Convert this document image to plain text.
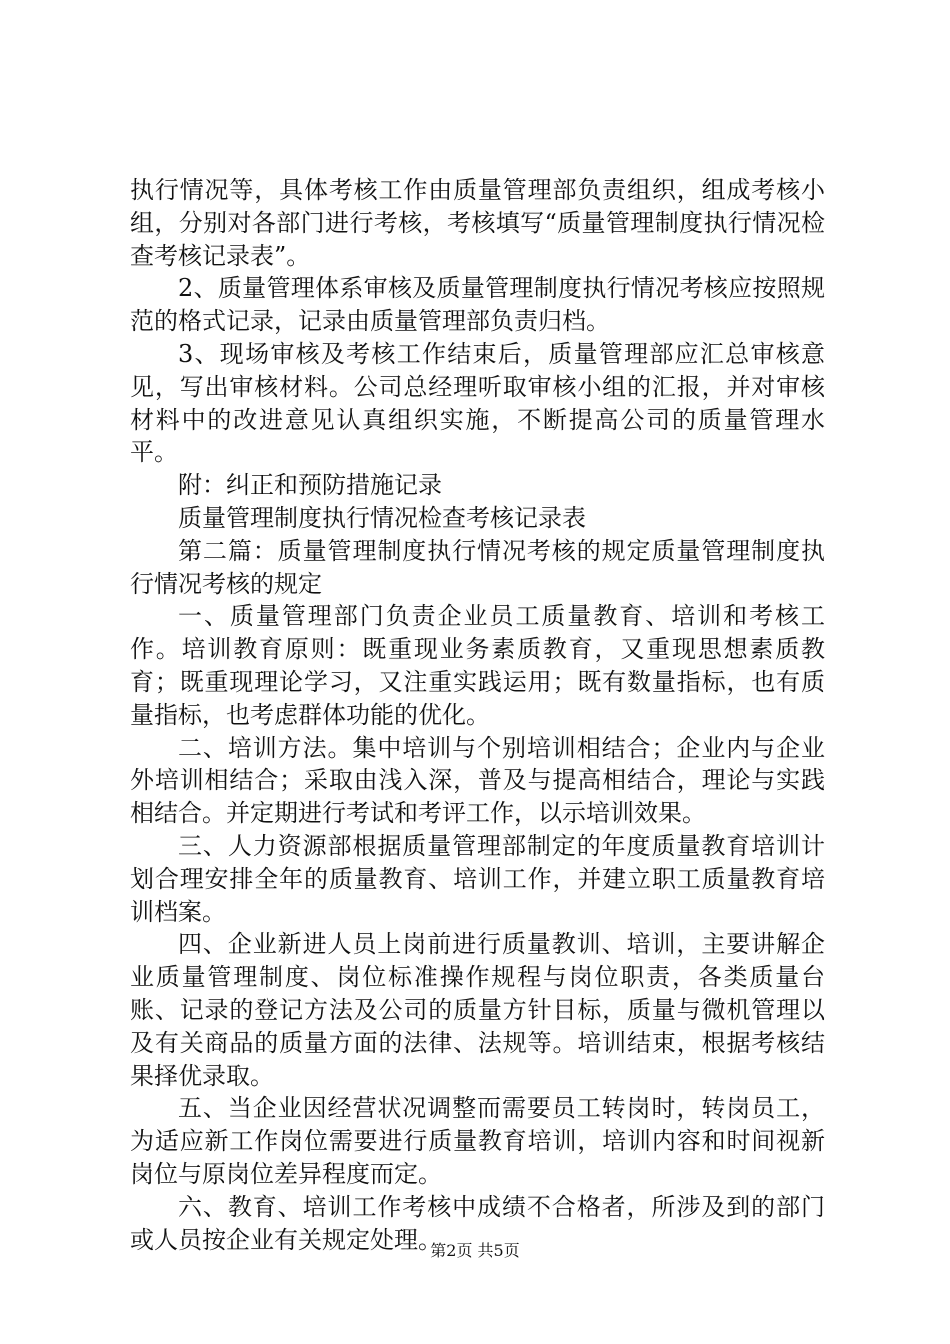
执行情况等，具体考核工作由质量管理部负责组织，组成考核小组，分别对各部门进行考核，考核填写“质量管理制度执行情况检查考核记录表”。

2、质量管理体系审核及质量管理制度执行情况考核应按照规范的格式记录，记录由质量管理部负责归档。

3、现场审核及考核工作结束后，质量管理部应汇总审核意见，写出审核材料。公司总经理听取审核小组的汇报，并对审核材料中的改进意见认真组织实施，不断提高公司的质量管理水平。

附：纠正和预防措施记录

质量管理制度执行情况检查考核记录表

第二篇：质量管理制度执行情况考核的规定质量管理制度执行情况考核的规定

一、质量管理部门负责企业员工质量教育、培训和考核工作。培训教育原则：既重现业务素质教育，又重现思想素质教育；既重现理论学习，又注重实践运用；既有数量指标，也有质量指标，也考虑群体功能的优化。

二、培训方法。集中培训与个别培训相结合；企业内与企业外培训相结合；采取由浅入深，普及与提高相结合，理论与实践相结合。并定期进行考试和考评工作，以示培训效果。

三、人力资源部根据质量管理部制定的年度质量教育培训计划合理安排全年的质量教育、培训工作，并建立职工质量教育培训档案。

四、企业新进人员上岗前进行质量教训、培训，主要讲解企业质量管理制度、岗位标准操作规程与岗位职责，各类质量台账、记录的登记方法及公司的质量方针目标，质量与微机管理以及有关商品的质量方面的法律、法规等。培训结束，根据考核结果择优录取。

五、当企业因经营状况调整而需要员工转岗时，转岗员工，为适应新工作岗位需要进行质量教育培训，培训内容和时间视新岗位与原岗位差异程度而定。

六、教育、培训工作考核中成绩不合格者，所涉及到的部门或人员按企业有关规定处理。

第2页 共5页
